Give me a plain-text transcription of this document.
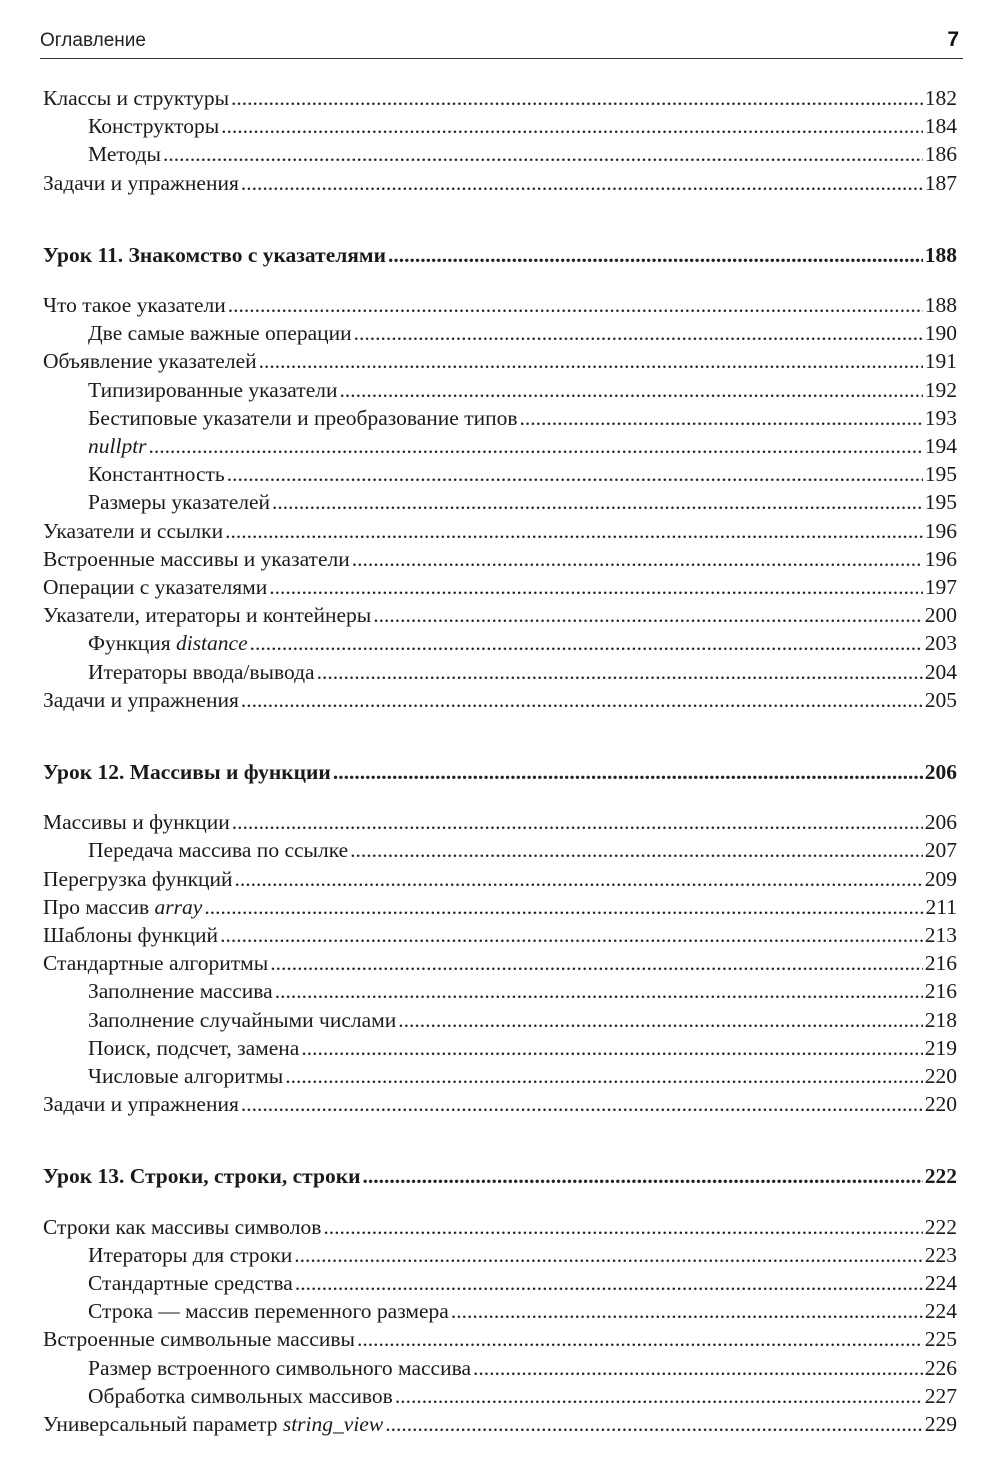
Оглавление	7
Классы и структуры .....	182
Конструкторы .....	184
Методы .....	186
Задачи и упражнения .....	187
Урок 11. Знакомство с указателями .....	188
Что такое указатели .....	188
Две самые важные операции .....	190
Объявление указателей .....	191
Типизированные указатели .....	192
Бестиповые указатели и преобразование типов .....	193
nullptr .....	194
Константность .....	195
Размеры указателей .....	195
Указатели и ссылки .....	196
Встроенные массивы и указатели .....	196
Операции с указателями .....	197
Указатели, итераторы и контейнеры .....	200
Функция distance .....	203
Итераторы ввода/вывода .....	204
Задачи и упражнения .....	205
Урок 12. Массивы и функции .....	206
Массивы и функции .....	206
Передача массива по ссылке .....	207
Перегрузка функций .....	209
Про массив array .....	211
Шаблоны функций .....	213
Стандартные алгоритмы .....	216
Заполнение массива .....	216
Заполнение случайными числами .....	218
Поиск, подсчет, замена .....	219
Числовые алгоритмы .....	220
Задачи и упражнения .....	220
Урок 13. Строки, строки, строки .....	222
Строки как массивы символов .....	222
Итераторы для строки .....	223
Стандартные средства .....	224
Строка — массив переменного размера .....	224
Встроенные символьные массивы .....	225
Размер встроенного символьного массива .....	226
Обработка символьных массивов .....	227
Универсальный параметр string_view .....	229
